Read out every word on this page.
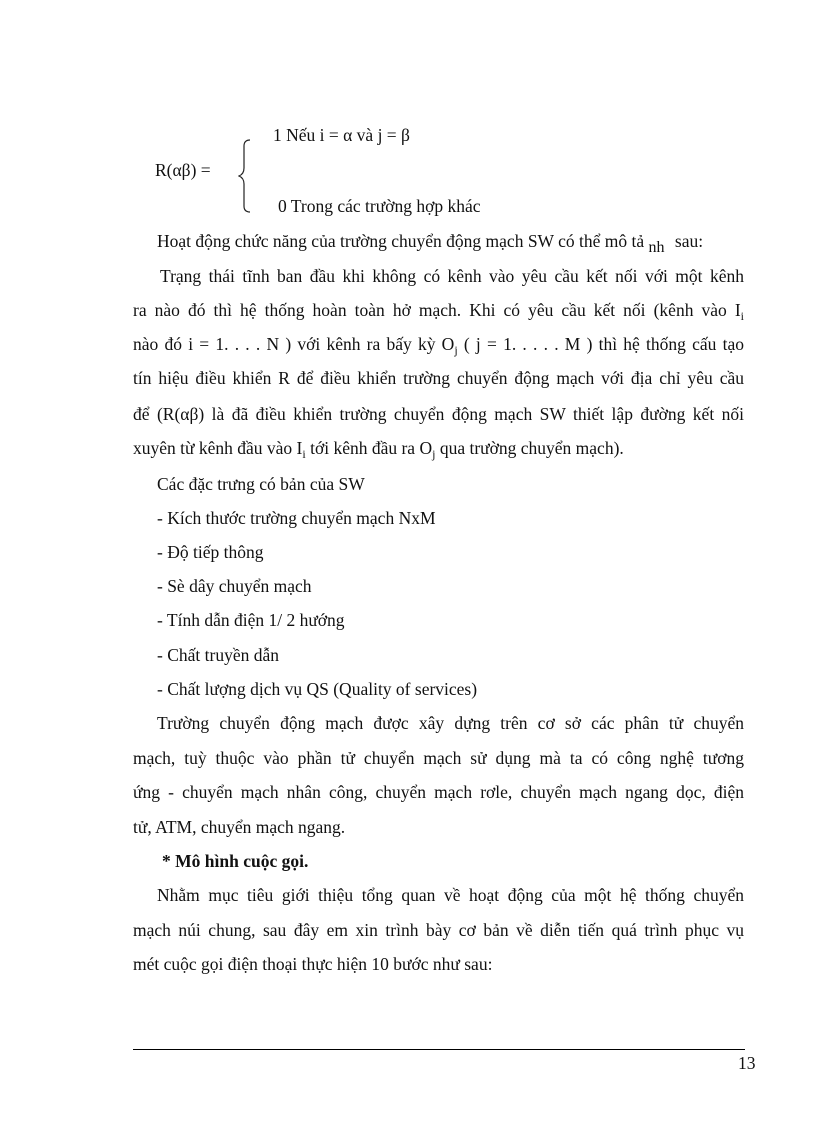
R(αβ) =
1 Nếu i = α và j = β
0 Trong các trường hợp khác
Hoạt động chức năng của trường chuyển động mạch SW có thể mô tả nh sau:
Trạng thái tĩnh ban đầu khi không có kênh vào yêu cầu kết nối với một kênh
ra nào đó thì hệ thống hoàn toàn hở mạch. Khi có yêu cầu kết nối (kênh vào $I_i$
nào đó i = 1. . . . N ) với kênh ra bấy kỳ $O_j$ ( j = 1. . . . . M ) thì hệ thống cấu tạo
tín hiệu điều khiển R để điều khiển trường chuyển động mạch với địa chỉ yêu cầu
để (R(αβ) là đã điều khiển trường chuyển động mạch SW thiết lập đường kết nối
xuyên từ kênh đầu vào $I_i$ tới kênh đầu ra $O_j$ qua trường chuyển mạch).
Các đặc trưng có bản của SW
- Kích thước trường chuyển mạch NxM
- Độ tiếp thông
- Sè dây chuyển mạch
- Tính dẫn điện 1/ 2 hướng
- Chất truyền dẫn
- Chất lượng dịch vụ QS (Quality of services)
Trường chuyển động mạch được xây dựng trên cơ sở các phân tử chuyển
mạch, tuỳ thuộc vào phần tử chuyển mạch sử dụng mà ta có công nghệ tương
ứng - chuyển mạch nhân công, chuyển mạch rơle, chuyển mạch ngang dọc, điện
tử, ATM, chuyển mạch ngang.
* Mô hình cuộc gọi.
Nhằm mục tiêu giới thiệu tổng quan về hoạt động của một hệ thống chuyển
mạch núi chung, sau đây em xin trình bày cơ bản về diễn tiến quá trình phục vụ
mét cuộc gọi điện thoại thực hiện 10 bước như sau:
13
